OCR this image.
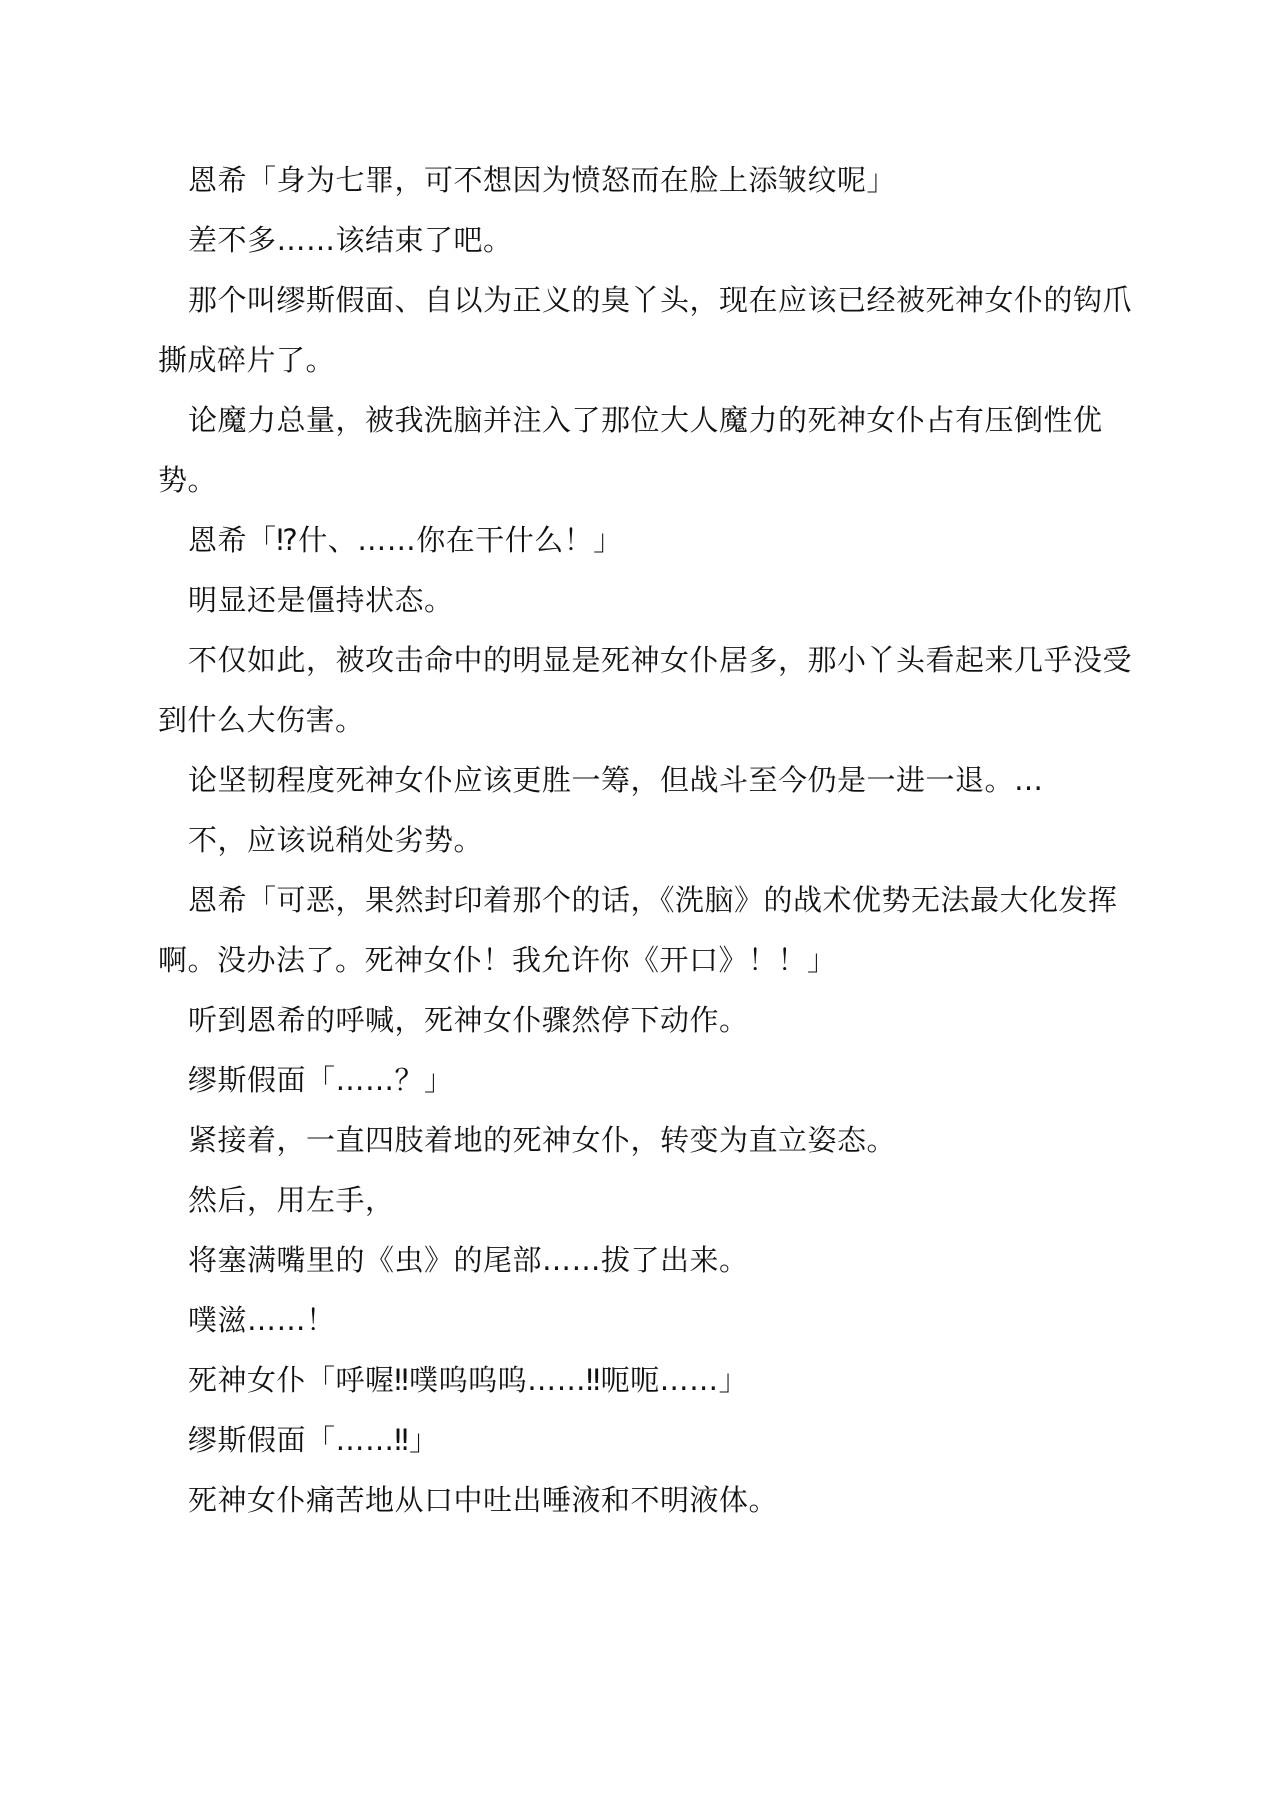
恩希「身为七罪，可不想因为愤怒而在脸上添皱纹呢」

差不多……该结束了吧。

那个叫缪斯假面、自以为正义的臭丫头，现在应该已经被死神女仆的钩爪撕成碎片了。

论魔力总量，被我洗脑并注入了那位大人魔力的死神女仆占有压倒性优势。

恩希「⁉什、……你在干什么！」

明显还是僵持状态。

不仅如此，被攻击命中的明显是死神女仆居多，那小丫头看起来几乎没受到什么大伤害。

论坚韧程度死神女仆应该更胜一筹，但战斗至今仍是一进一退。…

不，应该说稍处劣势。

恩希「可恶，果然封印着那个的话，《洗脑》的战术优势无法最大化发挥啊。没办法了。死神女仆！我允许你《开口》！！」

听到恩希的呼喊，死神女仆骤然停下动作。

缪斯假面「……？」

紧接着，一直四肢着地的死神女仆，转变为直立姿态。

然后，用左手，

将塞满嘴里的《虫》的尾部……拔了出来。

噗滋……！

死神女仆「呼喔‼噗呜呜呜……‼呃呃……」

缪斯假面「……‼」

死神女仆痛苦地从口中吐出唾液和不明液体。
